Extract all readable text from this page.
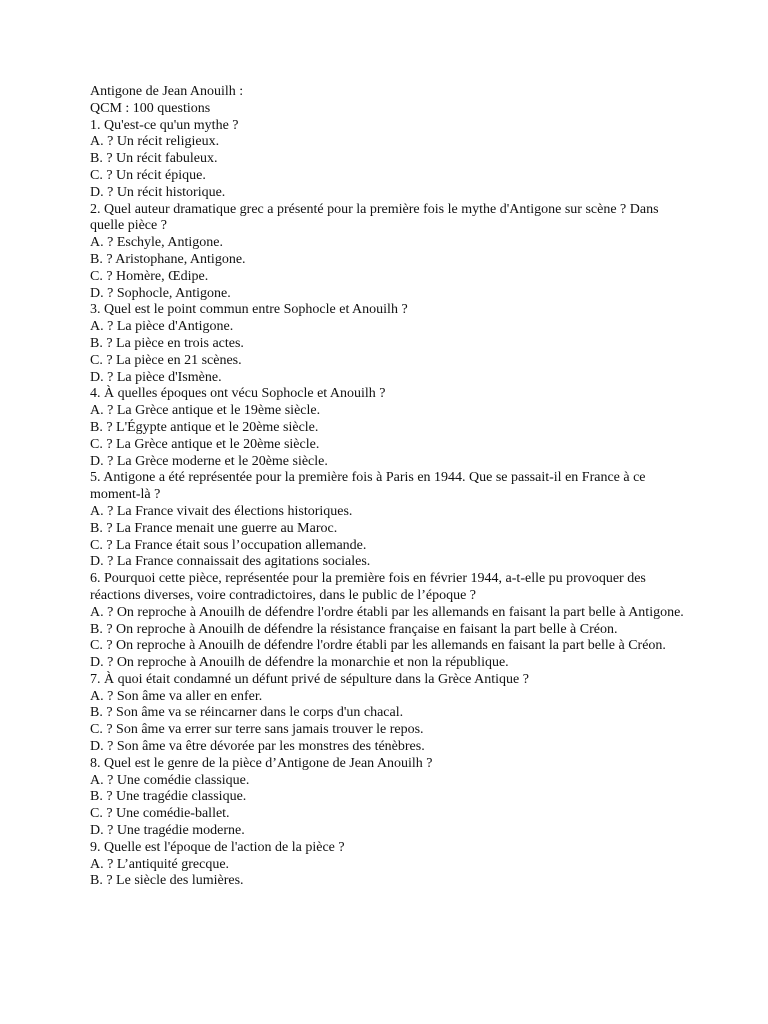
Antigone de Jean Anouilh :
QCM : 100 questions
1. Qu'est-ce qu'un mythe ?
A. ? Un récit religieux.
B. ? Un récit fabuleux.
C. ? Un récit épique.
D. ? Un récit historique.
2. Quel auteur dramatique grec a présenté pour la première fois le mythe d'Antigone sur scène ? Dans quelle pièce ?
A. ? Eschyle, Antigone.
B. ? Aristophane, Antigone.
C. ? Homère, Œdipe.
D. ? Sophocle, Antigone.
3. Quel est le point commun entre Sophocle et Anouilh ?
A. ? La pièce d'Antigone.
B. ? La pièce en trois actes.
C. ? La pièce en 21 scènes.
D. ? La pièce d'Ismène.
4. À quelles époques ont vécu Sophocle et Anouilh ?
A. ? La Grèce antique et le 19ème siècle.
B. ? L'Égypte antique et le 20ème siècle.
C. ? La Grèce antique et le 20ème siècle.
D. ? La Grèce moderne et le 20ème siècle.
5. Antigone a été représentée pour la première fois à Paris en 1944. Que se passait-il en France à ce moment-là ?
A. ? La France vivait des élections historiques.
B. ? La France menait une guerre au Maroc.
C. ? La France était sous l’occupation allemande.
D. ? La France connaissait des agitations sociales.
6. Pourquoi cette pièce, représentée pour la première fois en février 1944, a-t-elle pu provoquer des réactions diverses, voire contradictoires, dans le public de l’époque ?
A. ? On reproche à Anouilh de défendre l'ordre établi par les allemands en faisant la part belle à Antigone.
B. ? On reproche à Anouilh de défendre la résistance française en faisant la part belle à Créon.
C. ? On reproche à Anouilh de défendre l'ordre établi par les allemands en faisant la part belle à Créon.
D. ? On reproche à Anouilh de défendre la monarchie et non la république.
7. À quoi était condamné un défunt privé de sépulture dans la Grèce Antique ?
A. ? Son âme va aller en enfer.
B. ? Son âme va se réincarner dans le corps d'un chacal.
C. ? Son âme va errer sur terre sans jamais trouver le repos.
D. ? Son âme va être dévorée par les monstres des ténèbres.
8. Quel est le genre de la pièce d’Antigone de Jean Anouilh ?
A. ? Une comédie classique.
B. ? Une tragédie classique.
C. ? Une comédie-ballet.
D. ? Une tragédie moderne.
9. Quelle est l'époque de l'action de la pièce ?
A. ? L’antiquité grecque.
B. ? Le siècle des lumières.
